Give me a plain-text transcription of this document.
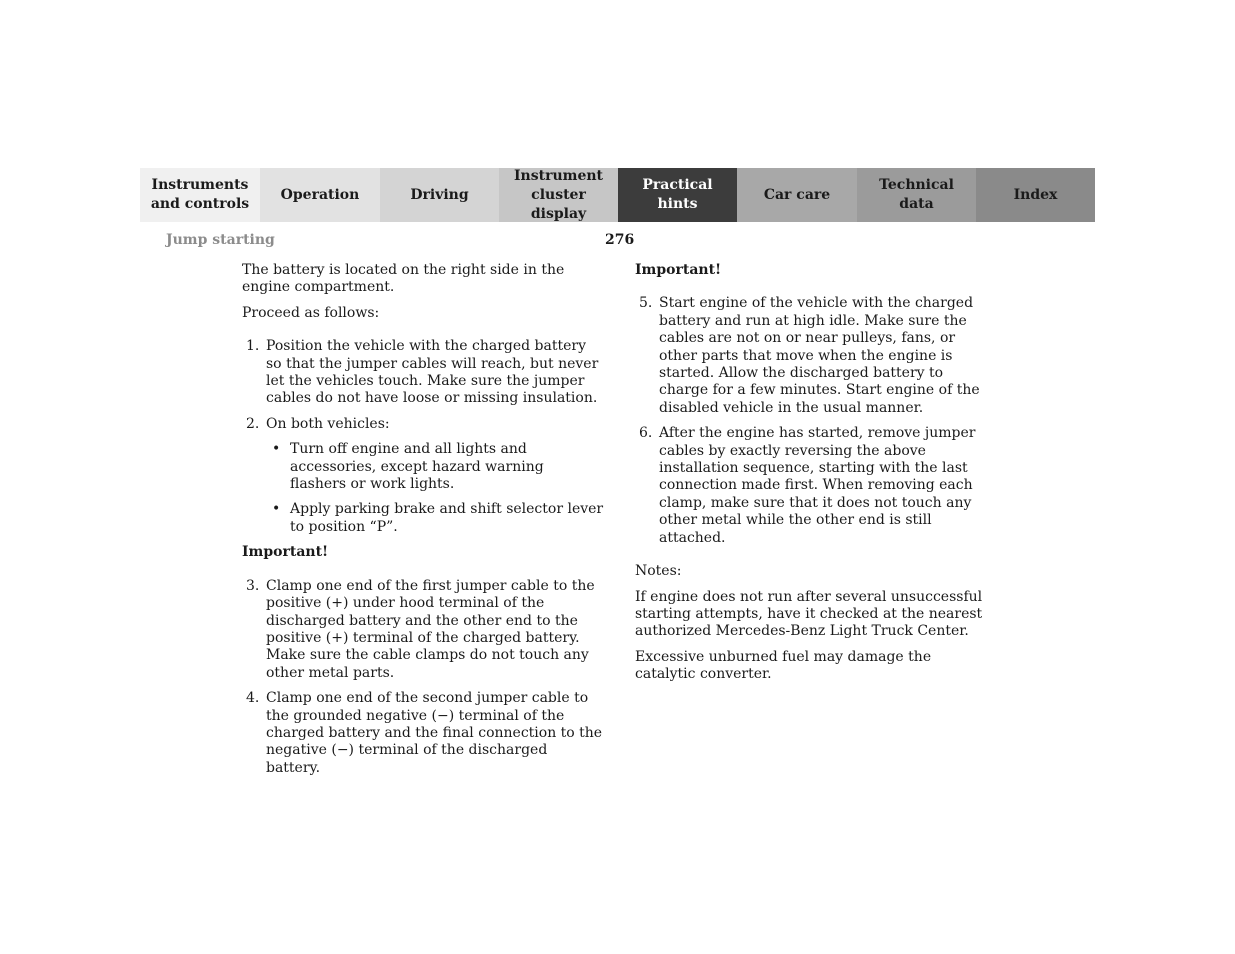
Instruments
and controls
Operation	Driving
Instrument
cluster display
Practical hints
Car care
Technical
data
Index
Jump starting	276

The battery is located on the right side in the engine compartment.

Proceed as follows:

1. Position the vehicle with the charged battery so that the jumper cables will reach, but never let the vehicles touch. Make sure the jumper cables do not have loose or missing insulation.
2. On both vehicles:
• Turn off engine and all lights and accessories, except hazard warning flashers or work lights.
• Apply parking brake and shift selector lever to position “P”.

Important!

3. Clamp one end of the first jumper cable to the positive (+) under hood terminal of the discharged battery and the other end to the positive (+) terminal of the charged battery. Make sure the cable clamps do not touch any other metal parts.
4. Clamp one end of the second jumper cable to the grounded negative (−) terminal of the charged battery and the final connection to the negative (−) terminal of the discharged battery.

Important!

5. Start engine of the vehicle with the charged battery and run at high idle. Make sure the cables are not on or near pulleys, fans, or other parts that move when the engine is started. Allow the discharged battery to charge for a few minutes. Start engine of the disabled vehicle in the usual manner.
6. After the engine has started, remove jumper cables by exactly reversing the above installation sequence, starting with the last connection made first. When removing each clamp, make sure that it does not touch any other metal while the other end is still attached.

Notes:

If engine does not run after several unsuccessful starting attempts, have it checked at the nearest authorized Mercedes-Benz Light Truck Center.

Excessive unburned fuel may damage the catalytic converter.
